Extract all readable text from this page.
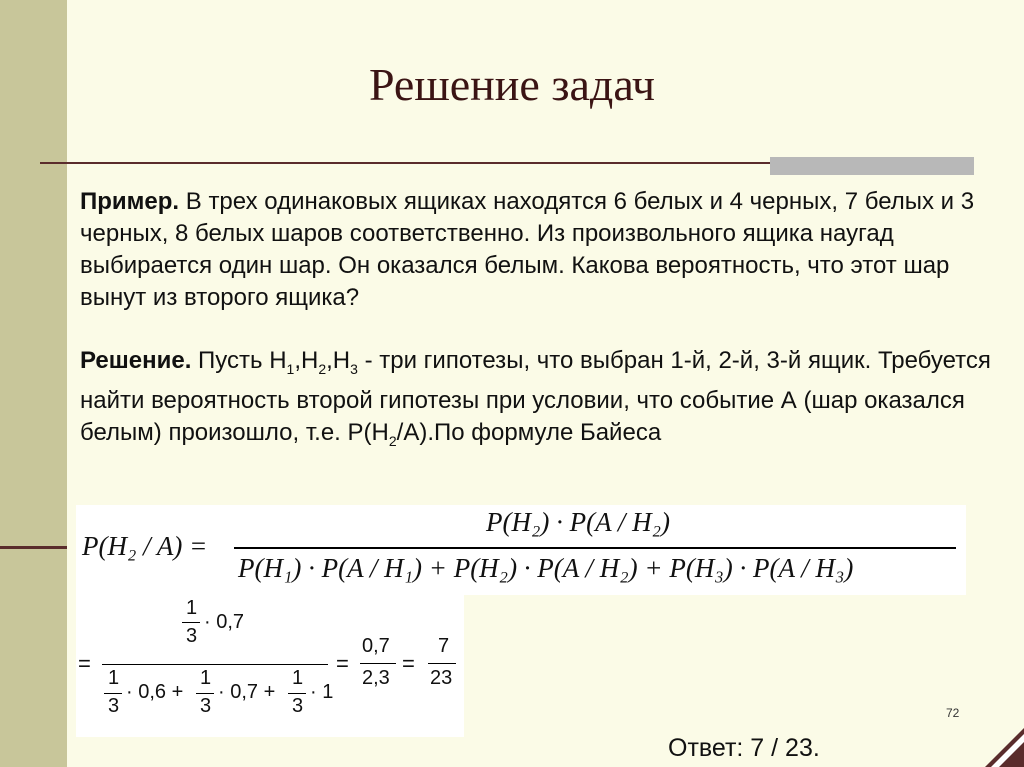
Решение задач
Пример. В трех одинаковых ящиках находятся 6 белых и 4 черных, 7 белых и 3 черных, 8 белых шаров соответственно. Из произвольного ящика наугад выбирается один шар. Он оказался белым. Какова вероятность, что этот шар вынут из второго ящика?
Решение. Пусть $H_1,H_2,H_3$ - три гипотезы, что выбран 1-й, 2-й, 3-й ящик. Требуется найти вероятность второй гипотезы при условии, что событие А (шар оказался белым) произошло, т.е. $P(H_2/A).По$ формуле Байеса
P(H₂ / A) =
P(H₂) · P(A / H₂)
P(H₁) · P(A / H₁) + P(H₂) · P(A / H₂) + P(H₃) · P(A / H₃)
=
1
3
· 0,7
1
3
· 0,6 +
1
3
· 0,7 +
1
3
· 1
=
0,7
2,3
=
7
23
72
Ответ: 7 / 23.
